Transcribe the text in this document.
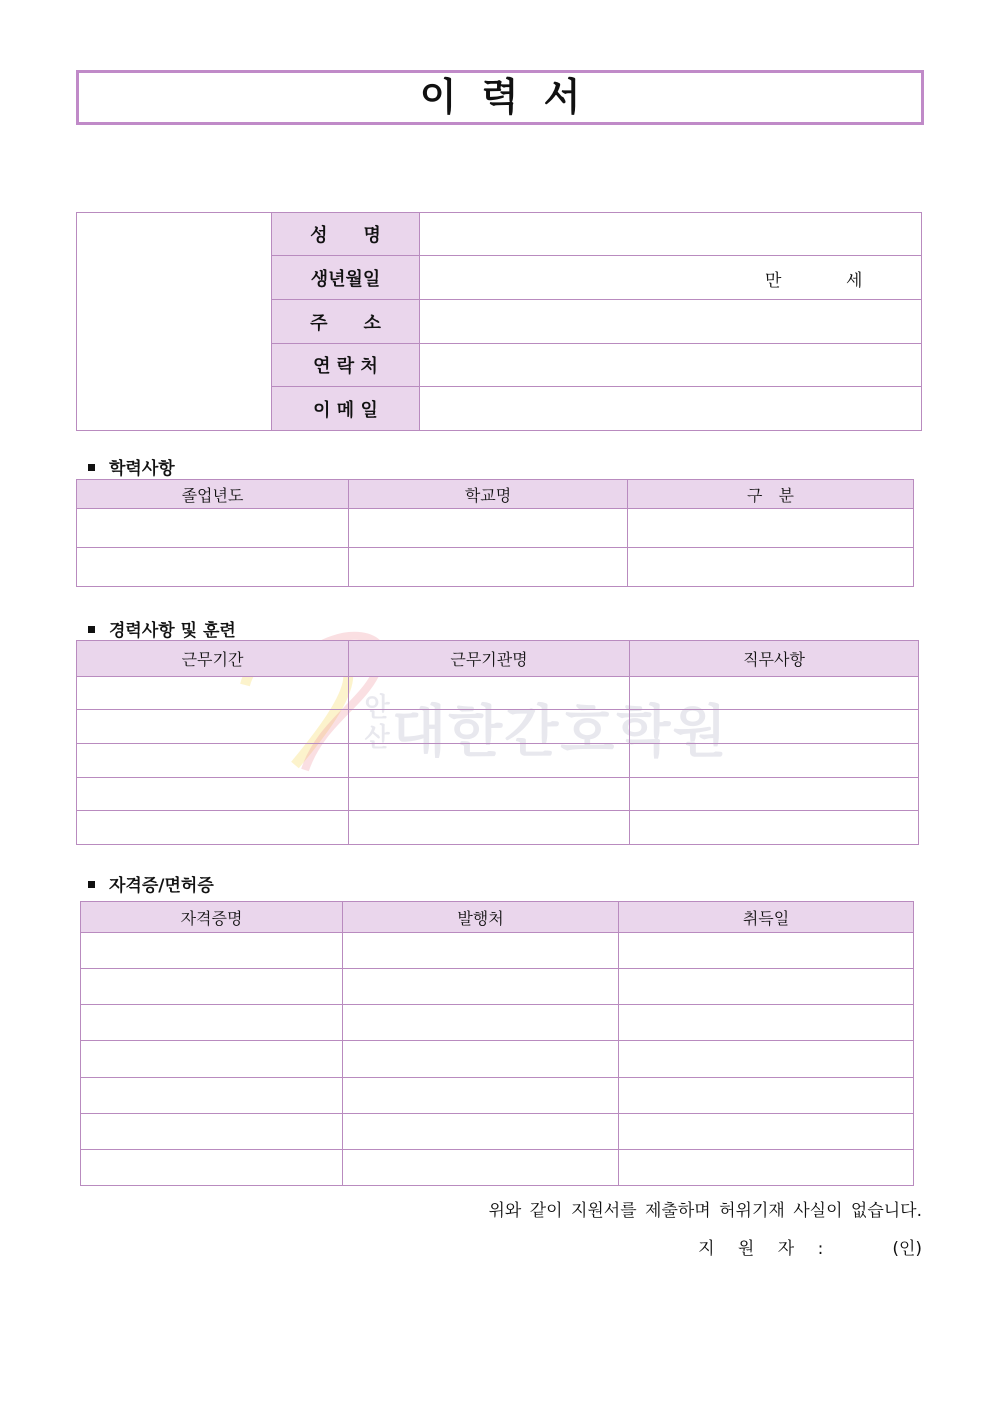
이 력 서
안산 대한간호학원
	성　　명	
	생년월일	만 세

	주　　소	
	연 락 처	
	이 메 일	
학력사항
졸업년도	학교명	구　분

경력사항 및 훈련
근무기간	근무기관명	직무사항

자격증/면허증
자격증명	발행처	취득일

위와 같이 지원서를 제출하며 허위기재 사실이 없습니다.
지 원 자 :	(인)
